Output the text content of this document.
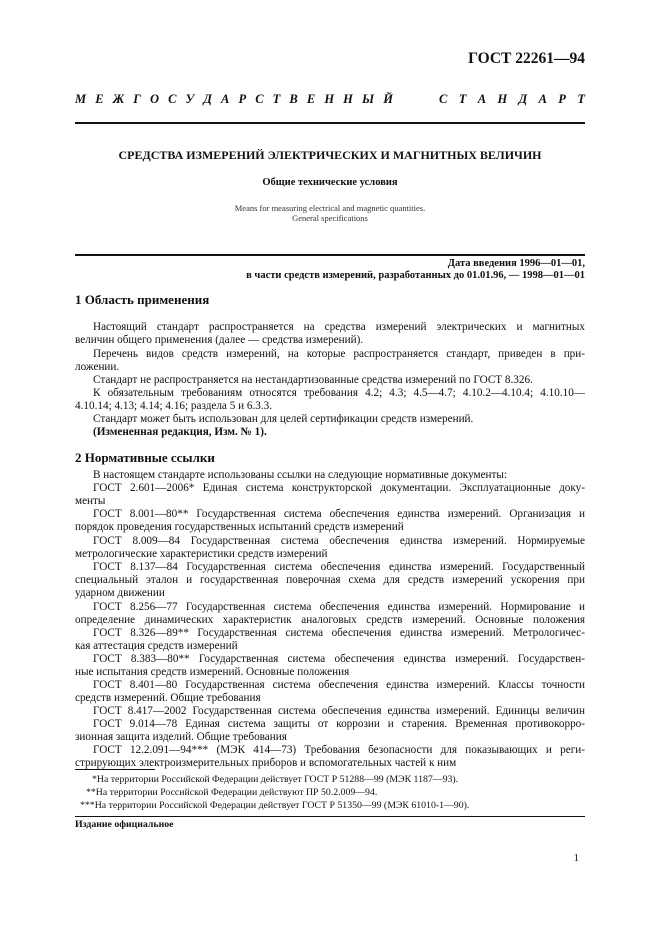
ГОСТ 22261—94
М Е Ж Г О С У Д А Р С Т В Е Н Н Ы Й	С Т А Н Д А Р Т
СРЕДСТВА ИЗМЕРЕНИЙ ЭЛЕКТРИЧЕСКИХ И МАГНИТНЫХ ВЕЛИЧИН
Общие технические условия
Means for measuring electrical and magnetic quantities.
General specifications
Дата введения 1996—01—01,
в части средств измерений, разработанных до 01.01.96, — 1998—01—01
1 Область применения
Настоящий стандарт распространяется на средства измерений электрических и магнитных
величин общего применения (далее — средства измерений).
Перечень видов средств измерений, на которые распространяется стандарт, приведен в при-
ложении.
Стандарт не распространяется на нестандартизованные средства измерений по ГОСТ 8.326.
К обязательным требованиям относятся требования 4.2; 4.3; 4.5—4.7; 4.10.2—4.10.4; 4.10.10—
4.10.14; 4.13; 4.14; 4.16; раздела 5 и 6.3.3.
Стандарт может быть использован для целей сертификации средств измерений.
(Измененная редакция, Изм. № 1).
2 Нормативные ссылки
В настоящем стандарте использованы ссылки на следующие нормативные документы:
ГОСТ 2.601—2006* Единая система конструкторской документации. Эксплуатационные доку-
менты
ГОСТ 8.001—80** Государственная система обеспечения единства измерений. Организация и
порядок проведения государственных испытаний средств измерений
ГОСТ 8.009—84 Государственная система обеспечения единства измерений. Нормируемые
метрологические характеристики средств измерений
ГОСТ 8.137—84 Государственная система обеспечения единства измерений. Государственный
специальный эталон и государственная поверочная схема для средств измерений ускорения при
ударном движении
ГОСТ 8.256—77 Государственная система обеспечения единства измерений. Нормирование и
определение динамических характеристик аналоговых средств измерений. Основные положения
ГОСТ 8.326—89** Государственная система обеспечения единства измерений. Метрологичес-
кая аттестация средств измерений
ГОСТ 8.383—80** Государственная система обеспечения единства измерений. Государствен-
ные испытания средств измерений. Основные положения
ГОСТ 8.401—80 Государственная система обеспечения единства измерений. Классы точности
средств измерений. Общие требования
ГОСТ 8.417—2002 Государственная система обеспечения единства измерений. Единицы величин
ГОСТ 9.014—78 Единая система защиты от коррозии и старения. Временная противокорро-
зионная защита изделий. Общие требования
ГОСТ 12.2.091—94*** (МЭК 414—73) Требования безопасности для показывающих и реги-
стрирующих электроизмерительных приборов и вспомогательных частей к ним
*На территории Российской Федерации действует ГОСТ Р 51288—99 (МЭК 1187—93).
**На территории Российской Федерации действуют ПР 50.2.009—94.
***На территории Российской Федерации действует ГОСТ Р 51350—99 (МЭК 61010-1—90).
Издание официальное
1
